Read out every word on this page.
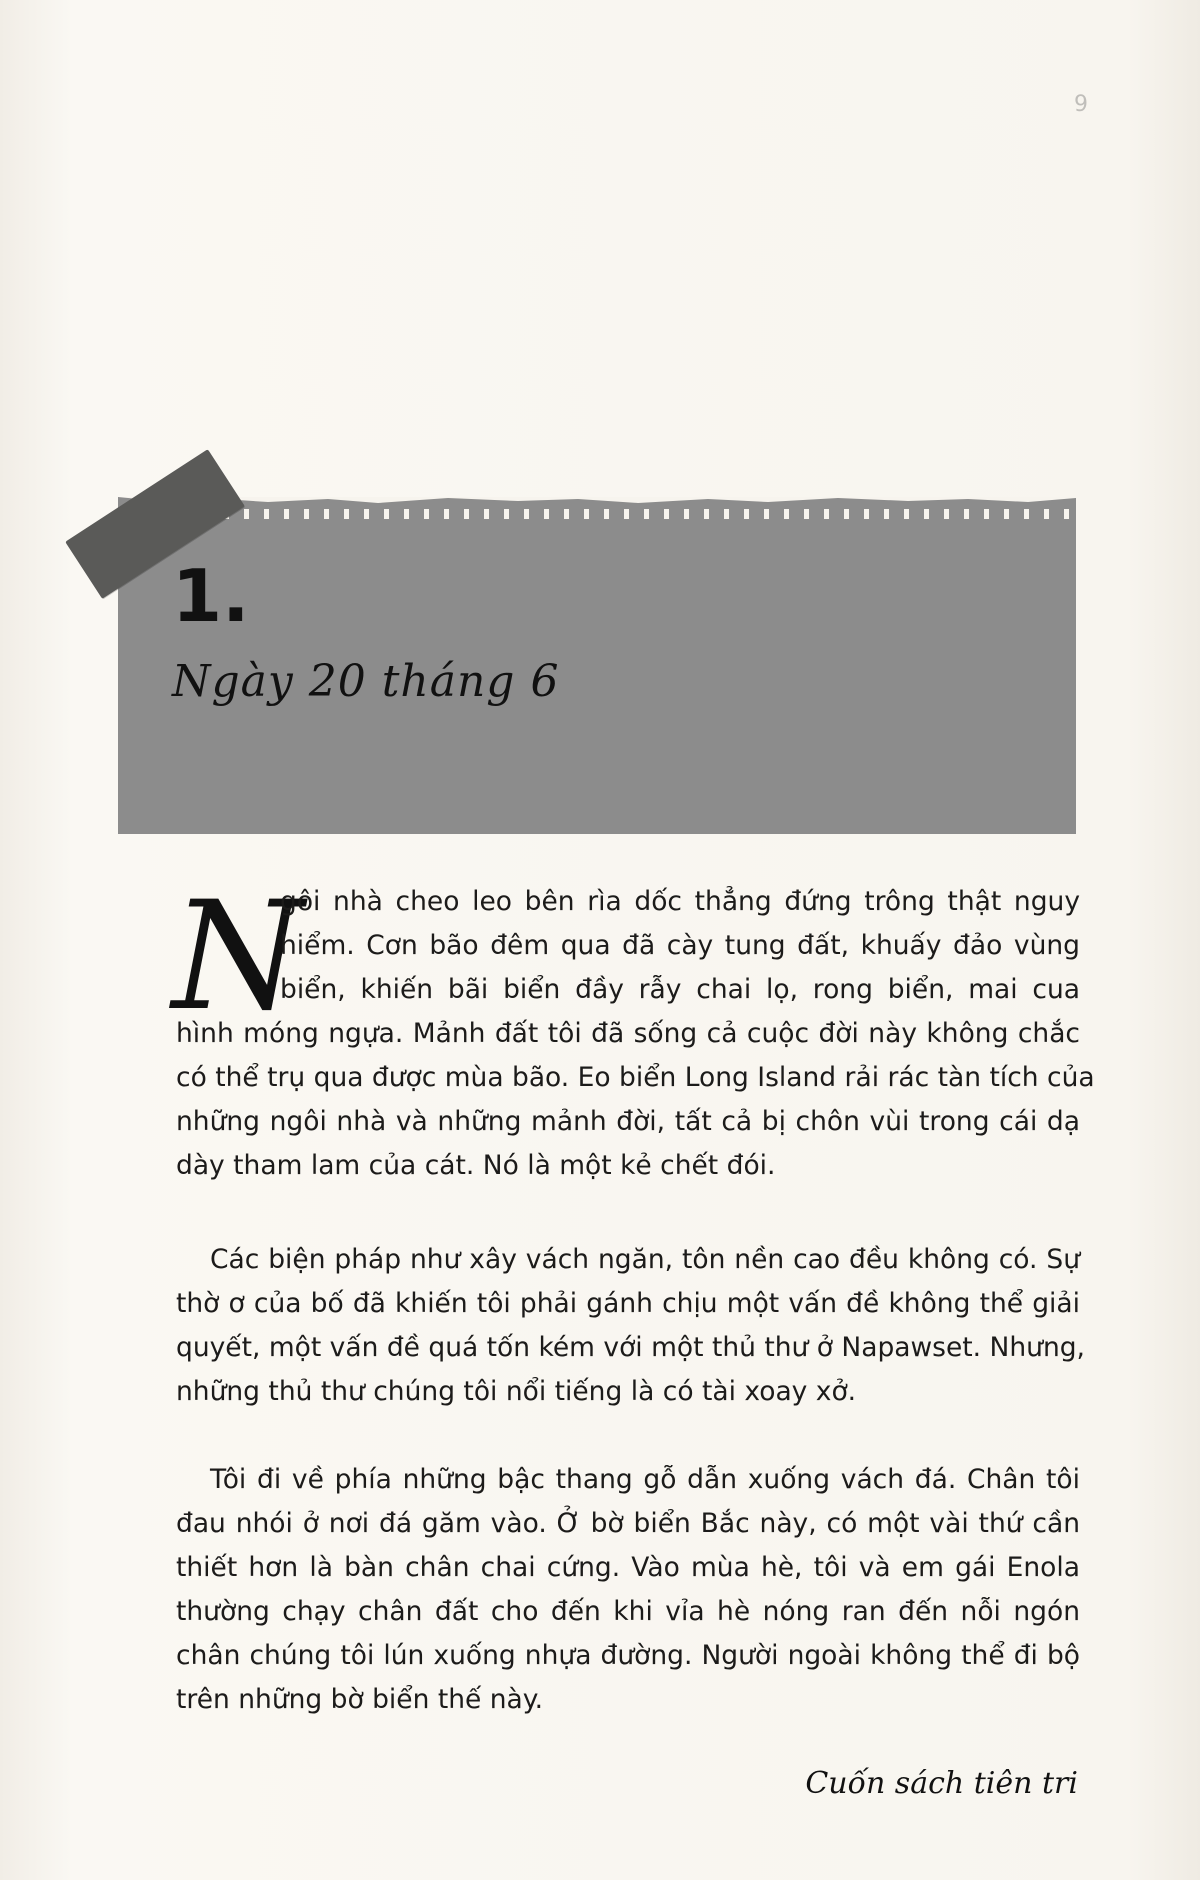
9
1.
Ngày 20 tháng 6
N
gôi nhà cheo leo bên rìa dốc thẳng đứng trông thật nguy
hiểm. Cơn bão đêm qua đã cày tung đất, khuấy đảo vùng
biển, khiến bãi biển đầy rẫy chai lọ, rong biển, mai cua
hình móng ngựa. Mảnh đất tôi đã sống cả cuộc đời này không chắc
có thể trụ qua được mùa bão. Eo biển Long Island rải rác tàn tích của
những ngôi nhà và những mảnh đời, tất cả bị chôn vùi trong cái dạ
dày tham lam của cát. Nó là một kẻ chết đói.
Các biện pháp như xây vách ngăn, tôn nền cao đều không có. Sự
thờ ơ của bố đã khiến tôi phải gánh chịu một vấn đề không thể giải
quyết, một vấn đề quá tốn kém với một thủ thư ở Napawset. Nhưng,
những thủ thư chúng tôi nổi tiếng là có tài xoay xở.
Tôi đi về phía những bậc thang gỗ dẫn xuống vách đá. Chân tôi
đau nhói ở nơi đá găm vào. Ở bờ biển Bắc này, có một vài thứ cần
thiết hơn là bàn chân chai cứng. Vào mùa hè, tôi và em gái Enola
thường chạy chân đất cho đến khi vỉa hè nóng ran đến nỗi ngón
chân chúng tôi lún xuống nhựa đường. Người ngoài không thể đi bộ
trên những bờ biển thế này.
Cuốn sách tiên tri
